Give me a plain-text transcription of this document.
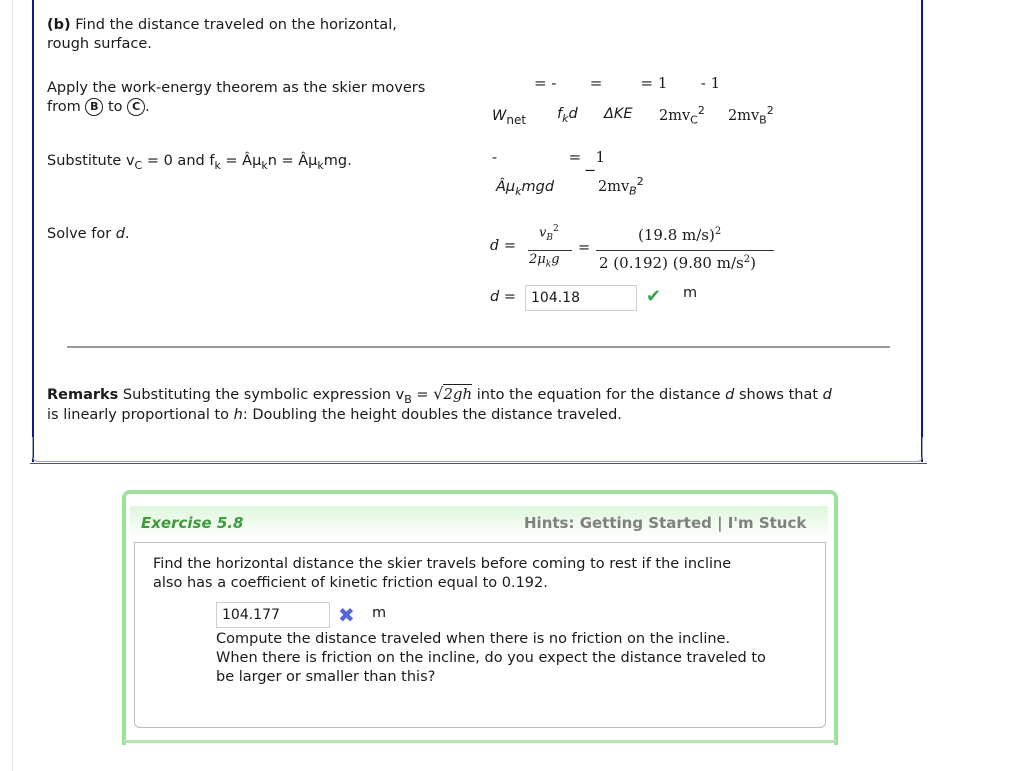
(b) Find the distance traveled on the horizontal,
rough surface.
Apply the work-energy theorem as the skier movers
from B to C .
= -       =        = 1       - 1
$W_{net}$ $f_kd$ ΔKE $2mv_C^2$ $2mv_B^2$
Substitute $v_C = 0$ and $f_k$ = Âµ$_k$n = Âµ$_k$mg.	-               =   1
Âµ$_k$mgd
−
$2mv_B^2$
Solve for d.
d =
$v_B^2$
$2\mu_kg$
=
(19.8 m/s)$^2$
2 (0.192) (9.80 $m/s^2$)
d =	104.18	✔ m
Remarks Substituting the symbolic expression $v_B = √2gh$ into the equation for the distance d shows that d
is linearly proportional to h: Doubling the height doubles the distance traveled.
Exercise 5.8	Hints: Getting Started | I'm Stuck
Find the horizontal distance the skier travels before coming to rest if the incline
also has a coefficient of kinetic friction equal to 0.192.
104.177	✖ m
Compute the distance traveled when there is no friction on the incline.
When there is friction on the incline, do you expect the distance traveled to
be larger or smaller than this?
